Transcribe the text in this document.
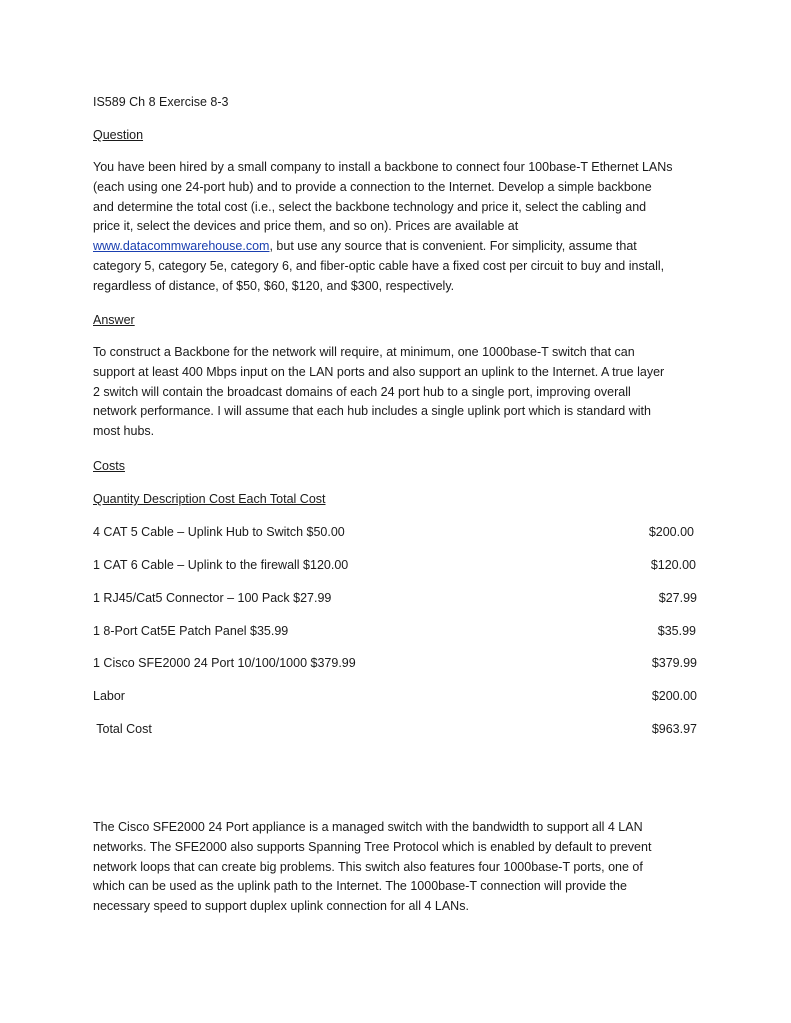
IS589 Ch 8 Exercise 8-3
Question
You have been hired by a small company to install a backbone to connect four 100base-T Ethernet LANs
(each using one 24-port hub) and to provide a connection to the Internet. Develop a simple backbone
and determine the total cost (i.e., select the backbone technology and price it, select the cabling and
price it, select the devices and price them, and so on). Prices are available at
www.datacommwarehouse.com, but use any source that is convenient. For simplicity, assume that
category 5, category 5e, category 6, and fiber-optic cable have a fixed cost per circuit to buy and install,
regardless of distance, of $50, $60, $120, and $300, respectively.
Answer
To construct a Backbone for the network will require, at minimum, one 1000base-T switch that can
support at least 400 Mbps input on the LAN ports and also support an uplink to the Internet. A true layer
2 switch will contain the broadcast domains of each 24 port hub to a single port, improving overall
network performance. I will assume that each hub includes a single uplink port which is standard with
most hubs.
Costs
Quantity Description Cost Each Total Cost
4 CAT 5 Cable – Uplink Hub to Switch $50.00	$200.00
1 CAT 6 Cable – Uplink to the firewall $120.00	$120.00
1 RJ45/Cat5 Connector – 100 Pack $27.99	$27.99
1 8-Port Cat5E Patch Panel $35.99	$35.99
1 Cisco SFE2000 24 Port 10/100/1000 $379.99	$379.99
Labor	$200.00
Total Cost	$963.97
The Cisco SFE2000 24 Port appliance is a managed switch with the bandwidth to support all 4 LAN
networks. The SFE2000 also supports Spanning Tree Protocol which is enabled by default to prevent
network loops that can create big problems. This switch also features four 1000base-T ports, one of
which can be used as the uplink path to the Internet. The 1000base-T connection will provide the
necessary speed to support duplex uplink connection for all 4 LANs.
